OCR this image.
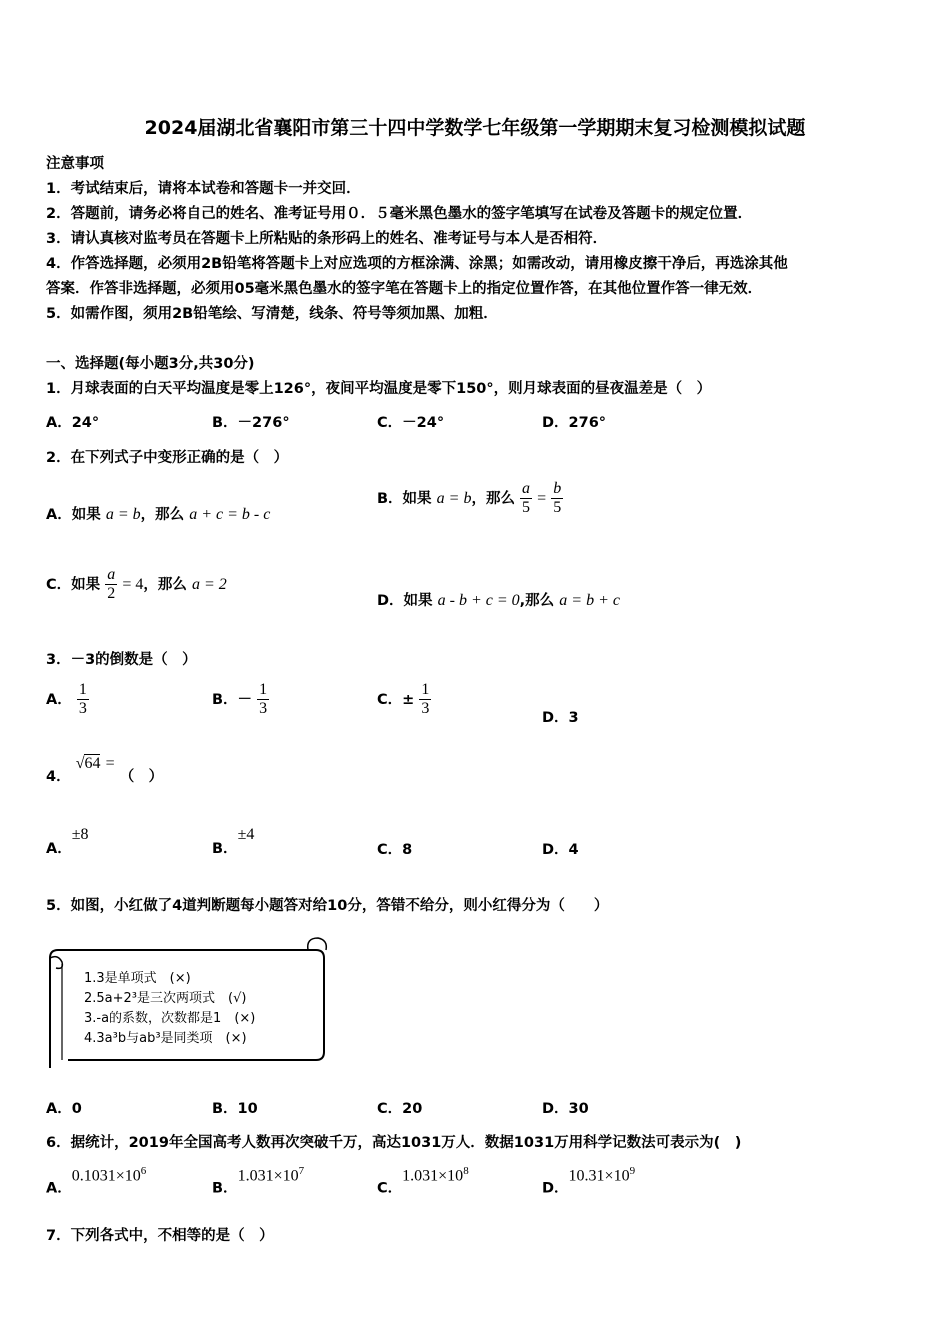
2024届湖北省襄阳市第三十四中学数学七年级第一学期期末复习检测模拟试题
注意事项
1．考试结束后，请将本试卷和答题卡一并交回．
2．答题前，请务必将自己的姓名、准考证号用０．５毫米黑色墨水的签字笔填写在试卷及答题卡的规定位置．
3．请认真核对监考员在答题卡上所粘贴的条形码上的姓名、准考证号与本人是否相符．
4．作答选择题，必须用2B铅笔将答题卡上对应选项的方框涂满、涂黑；如需改动，请用橡皮擦干净后，再选涂其他
答案．作答非选择题，必须用05毫米黑色墨水的签字笔在答题卡上的指定位置作答，在其他位置作答一律无效．
5．如需作图，须用2B铅笔绘、写清楚，线条、符号等须加黑、加粗．
一、选择题(每小题3分,共30分)
1．月球表面的白天平均温度是零上126°，夜间平均温度是零下150°，则月球表面的昼夜温差是（　）
A．24°	B．－276°	C．－24°	D．276°
2．在下列式子中变形正确的是（　）
A．如果 a = b，那么 a + c = b - c
B．如果 a = b，那么 $\frac{a}{5} = \frac{b}{5}$
C．如果 $\frac{a}{2} = 4$，那么 a = 2
D．如果 a - b + c = 0,那么 a = b + c
3．－3的倒数是（　）
A． $\frac{1}{3}$	B．－ $\frac{1}{3}$	C．± $\frac{1}{3}$	D．3
4． √64 = （　）
A．±8
B．±4
C．8	D．4
5．如图，小红做了4道判断题每小题答对给10分，答错不给分，则小红得分为（　　）
1.3是单项式　(×)
2.5a+2³是三次两项式　(√)
3.-a的系数，次数都是1　(×)
4.3a³b与ab³是同类项　(×)
A．0	B．10	C．20	D．30
6．据统计，2019年全国高考人数再次突破千万，高达1031万人．数据1031万用科学记数法可表示为(　)
A．$0.1031\times 10^6$
B．$1.031\times 10^7$
C．$1.031\times 10^8$
D．$10.31\times 10^9$
7．下列各式中，不相等的是（　）
